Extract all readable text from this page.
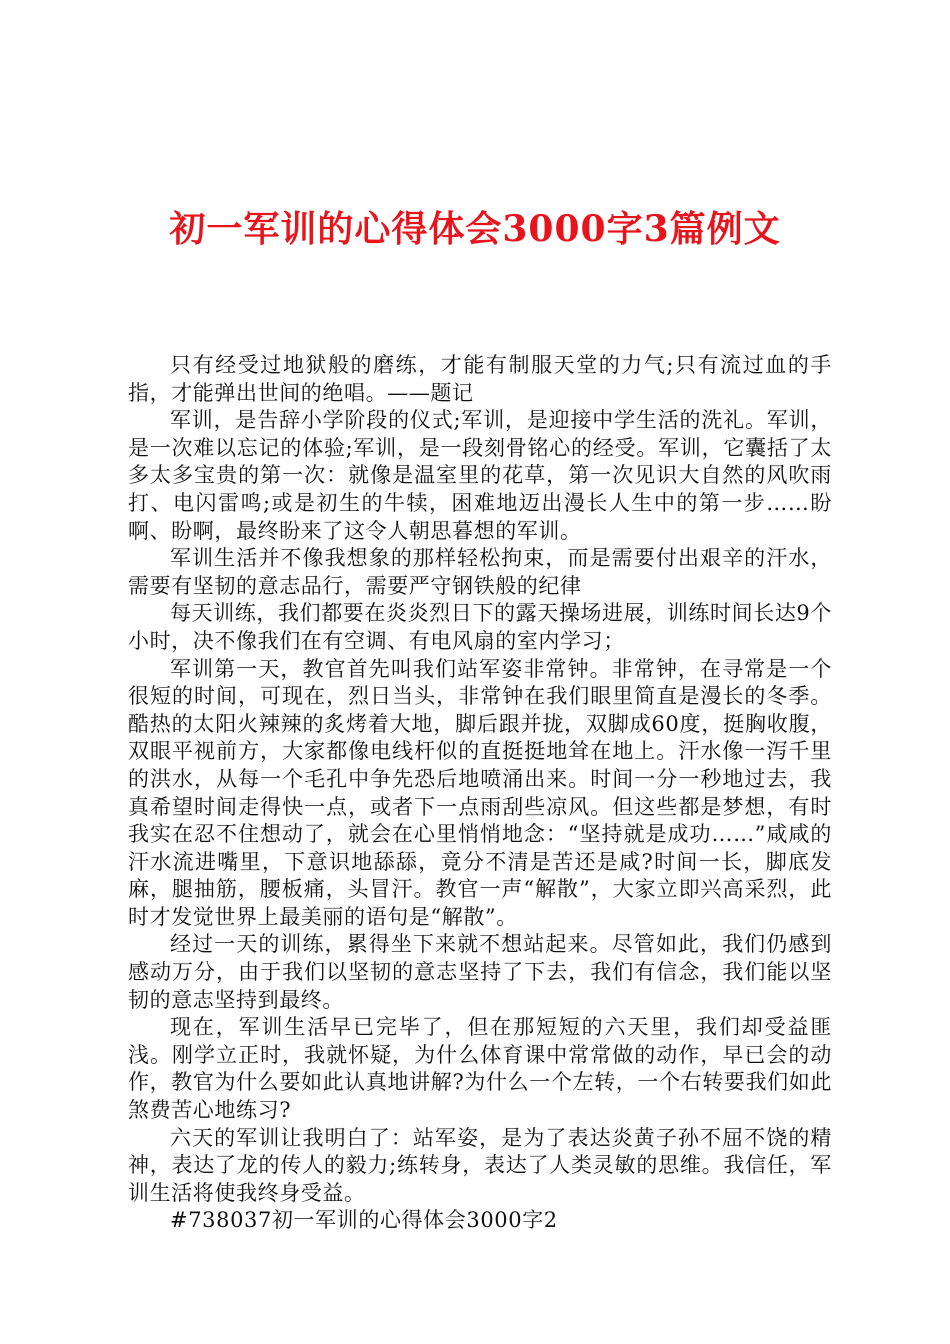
初一军训的心得体会3000字3篇例文

只有经受过地狱般的磨练，才能有制服天堂的力气;只有流过血的手指，才能弹出世间的绝唱。——题记

军训，是告辞小学阶段的仪式;军训，是迎接中学生活的洗礼。军训，是一次难以忘记的体验;军训，是一段刻骨铭心的经受。军训，它囊括了太多太多宝贵的第一次：就像是温室里的花草，第一次见识大自然的风吹雨打、电闪雷鸣;或是初生的牛犊，困难地迈出漫长人生中的第一步……盼啊、盼啊，最终盼来了这令人朝思暮想的军训。

军训生活并不像我想象的那样轻松拘束，而是需要付出艰辛的汗水，需要有坚韧的意志品行，需要严守钢铁般的纪律

每天训练，我们都要在炎炎烈日下的露天操场进展，训练时间长达9个小时，决不像我们在有空调、有电风扇的室内学习；

军训第一天，教官首先叫我们站军姿非常钟。非常钟，在寻常是一个很短的时间，可现在，烈日当头，非常钟在我们眼里简直是漫长的冬季。酷热的太阳火辣辣的炙烤着大地，脚后跟并拢，双脚成60度，挺胸收腹，双眼平视前方，大家都像电线杆似的直挺挺地耸在地上。汗水像一泻千里的洪水，从每一个毛孔中争先恐后地喷涌出来。时间一分一秒地过去，我真希望时间走得快一点，或者下一点雨刮些凉风。但这些都是梦想，有时我实在忍不住想动了，就会在心里悄悄地念：“坚持就是成功……”咸咸的汗水流进嘴里，下意识地舔舔，竟分不清是苦还是咸?时间一长，脚底发麻，腿抽筋，腰板痛，头冒汗。教官一声“解散”，大家立即兴高采烈，此时才发觉世界上最美丽的语句是“解散”。

经过一天的训练，累得坐下来就不想站起来。尽管如此，我们仍感到感动万分，由于我们以坚韧的意志坚持了下去，我们有信念，我们能以坚韧的意志坚持到最终。

现在，军训生活早已完毕了，但在那短短的六天里，我们却受益匪浅。刚学立正时，我就怀疑，为什么体育课中常常做的动作，早已会的动作，教官为什么要如此认真地讲解?为什么一个左转，一个右转要我们如此煞费苦心地练习?

六天的军训让我明白了：站军姿，是为了表达炎黄子孙不屈不饶的精神，表达了龙的传人的毅力;练转身，表达了人类灵敏的思维。我信任，军训生活将使我终身受益。

#738037初一军训的心得体会3000字2
